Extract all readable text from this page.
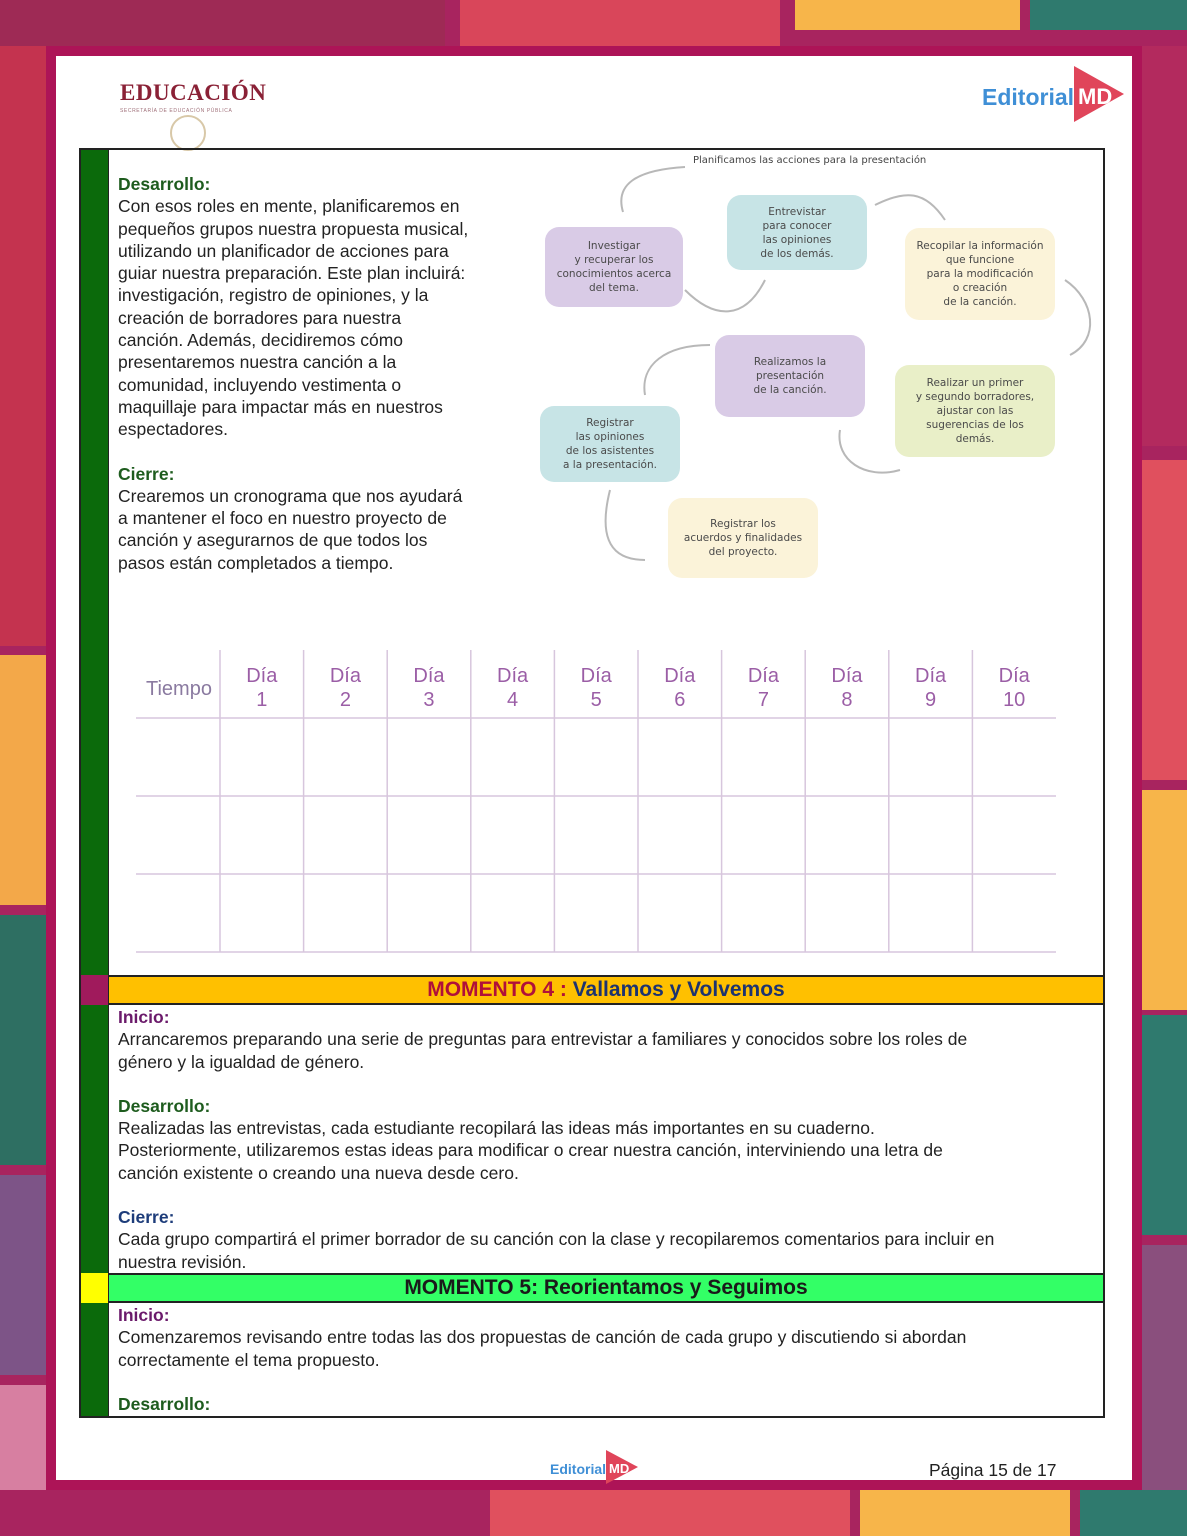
EDUCACIÓN
SECRETARÍA DE EDUCACIÓN PÚBLICA
Editorial MD
MOMENTO 4 : Vallamos y Volvemos
MOMENTO 5: Reorientamos y Seguimos
Desarrollo:
Con esos roles en mente, planificaremos en
pequeños grupos nuestra propuesta musical,
utilizando un planificador de acciones para
guiar nuestra preparación. Este plan incluirá:
investigación, registro de opiniones, y la
creación de borradores para nuestra
canción. Además, decidiremos cómo
presentaremos nuestra canción a la
comunidad, incluyendo vestimenta o
maquillaje para impactar más en nuestros
espectadores.
Cierre:
Crearemos un cronograma que nos ayudará
a mantener el foco en nuestro proyecto de
canción y asegurarnos de que todos los
pasos están completados a tiempo.
Planificamos las acciones para la presentación
Investigar
y recuperar los
conocimientos acerca
del tema.
Entrevistar
para conocer
las opiniones
de los demás.
Recopilar la información
que funcione
para la modificación
o creación
de la canción.
Realizamos la
presentación
de la canción.
Realizar un primer
y segundo borradores,
ajustar con las
sugerencias de los
demás.
Registrar
las opiniones
de los asistentes
a la presentación.
Registrar los
acuerdos y finalidades
del proyecto.
Tiempo
Día
1
Día
2
Día
3
Día
4
Día
5
Día
6
Día
7
Día
8
Día
9
Día
10
Inicio:
Arrancaremos preparando una serie de preguntas para entrevistar a familiares y conocidos sobre los roles de
género y la igualdad de género.
Desarrollo:
Realizadas las entrevistas, cada estudiante recopilará las ideas más importantes en su cuaderno.
Posteriormente, utilizaremos estas ideas para modificar o crear nuestra canción, interviniendo una letra de
canción existente o creando una nueva desde cero.
Cierre:
Cada grupo compartirá el primer borrador de su canción con la clase y recopilaremos comentarios para incluir en
nuestra revisión.
Inicio:
Comenzaremos revisando entre todas las dos propuestas de canción de cada grupo y discutiendo si abordan
correctamente el tema propuesto.
Desarrollo:
Editorial MD	Página 15 de 17
